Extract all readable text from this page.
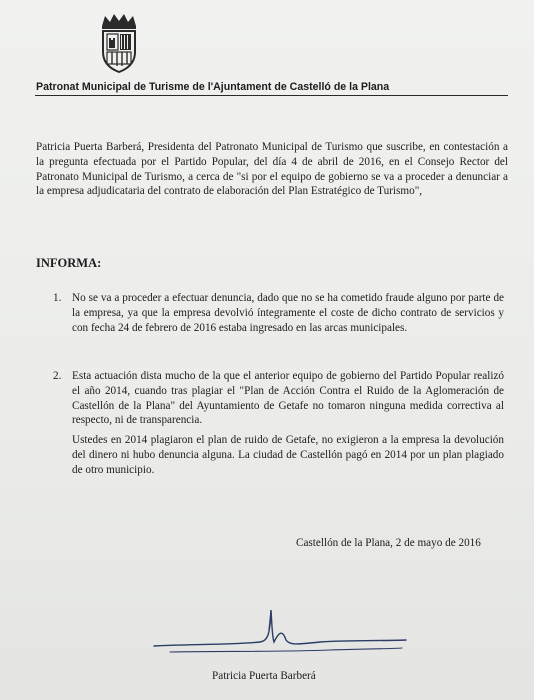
Patronat Municipal de Turisme de l'Ajuntament de Castelló de la Plana
Patricia Puerta Barberá, Presidenta del Patronato Municipal de Turismo que suscribe, en contestación a la pregunta efectuada por el Partido Popular, del día 4 de abril de 2016, en el Consejo Rector del Patronato Municipal de Turismo, a cerca de "si por el equipo de gobierno se va a proceder a denunciar a la empresa adjudicataria del contrato de elaboración del Plan Estratégico de Turismo",
INFORMA:
1. No se va a proceder a efectuar denuncia, dado que no se ha cometido fraude alguno por parte de la empresa, ya que la empresa devolvió íntegramente el coste de dicho contrato de servicios y con fecha 24 de febrero de 2016 estaba ingresado en las arcas municipales.
2. Esta actuación dista mucho de la que el anterior equipo de gobierno del Partido Popular realizó el año 2014, cuando tras plagiar el "Plan de Acción Contra el Ruido de la Aglomeración de Castellón de la Plana" del Ayuntamiento de Getafe no tomaron ninguna medida correctiva al respecto, ni de transparencia.
Ustedes en 2014 plagiaron el plan de ruido de Getafe, no exigieron a la empresa la devolución del dinero ni hubo denuncia alguna. La ciudad de Castellón pagó en 2014 por un plan plagiado de otro municipio.
Castellón de la Plana, 2 de mayo de 2016
Patricia Puerta Barberá
